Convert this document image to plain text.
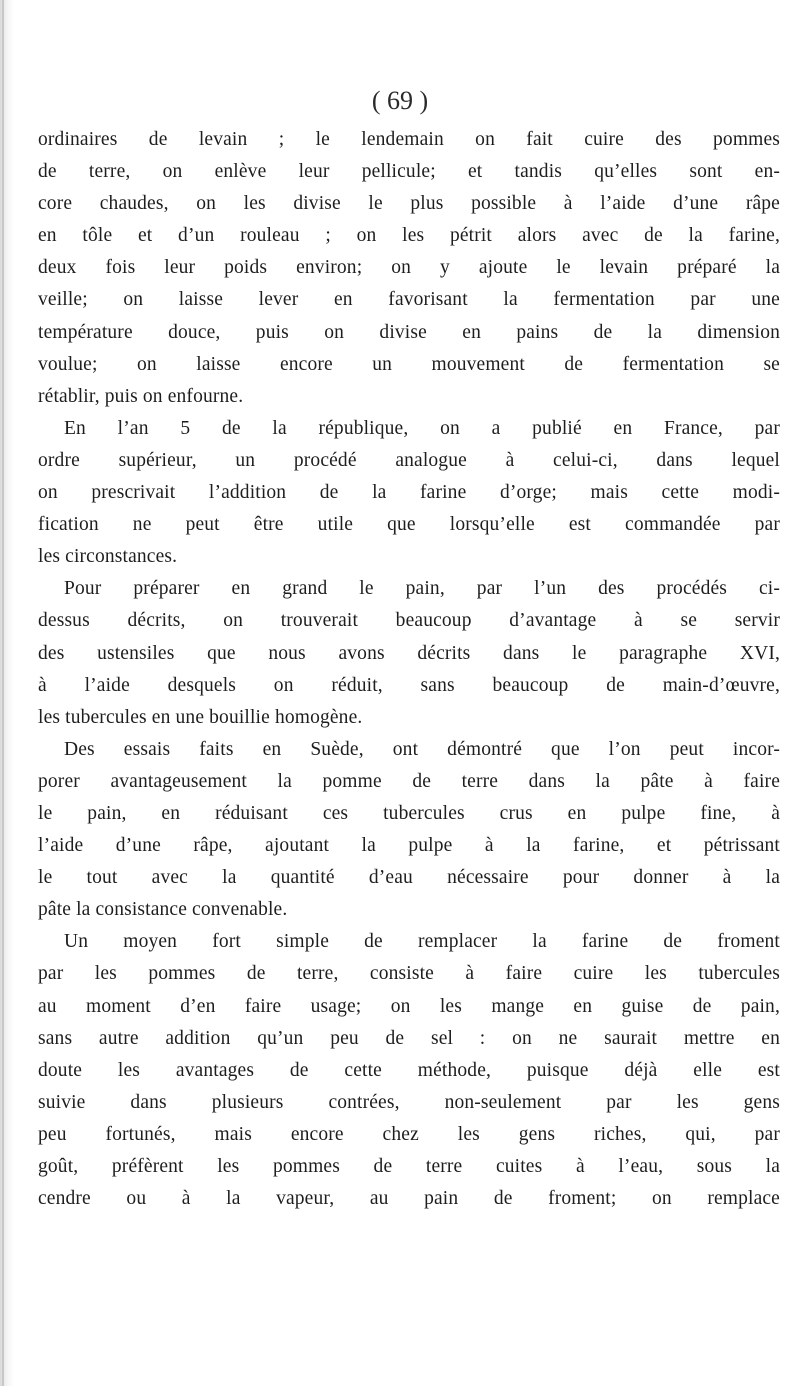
( 69 )
ordinaires de levain ; le lendemain on fait cuire des pommes
de terre, on enlève leur pellicule; et tandis qu’elles sont en-
core chaudes, on les divise le plus possible à l’aide d’une râpe
en tôle et d’un rouleau ; on les pétrit alors avec de la farine,
deux fois leur poids environ; on y ajoute le levain préparé la
veille; on laisse lever en favorisant la fermentation par une
température douce, puis on divise en pains de la dimension
voulue; on laisse encore un mouvement de fermentation se
rétablir, puis on enfourne.
En l’an 5 de la république, on a publié en France, par
ordre supérieur, un procédé analogue à celui-ci, dans lequel
on prescrivait l’addition de la farine d’orge; mais cette modi-
fication ne peut être utile que lorsqu’elle est commandée par
les circonstances.
Pour préparer en grand le pain, par l’un des procédés ci-
dessus décrits, on trouverait beaucoup d’avantage à se servir
des ustensiles que nous avons décrits dans le paragraphe XVI,
à l’aide desquels on réduit, sans beaucoup de main-d’œuvre,
les tubercules en une bouillie homogène.
Des essais faits en Suède, ont démontré que l’on peut incor-
porer avantageusement la pomme de terre dans la pâte à faire
le pain, en réduisant ces tubercules crus en pulpe fine, à
l’aide d’une râpe, ajoutant la pulpe à la farine, et pétrissant
le tout avec la quantité d’eau nécessaire pour donner à la
pâte la consistance convenable.
Un moyen fort simple de remplacer la farine de froment
par les pommes de terre, consiste à faire cuire les tubercules
au moment d’en faire usage; on les mange en guise de pain,
sans autre addition qu’un peu de sel : on ne saurait mettre en
doute les avantages de cette méthode, puisque déjà elle est
suivie dans plusieurs contrées, non-seulement par les gens
peu fortunés, mais encore chez les gens riches, qui, par
goût, préfèrent les pommes de terre cuites à l’eau, sous la
cendre ou à la vapeur, au pain de froment; on remplace
